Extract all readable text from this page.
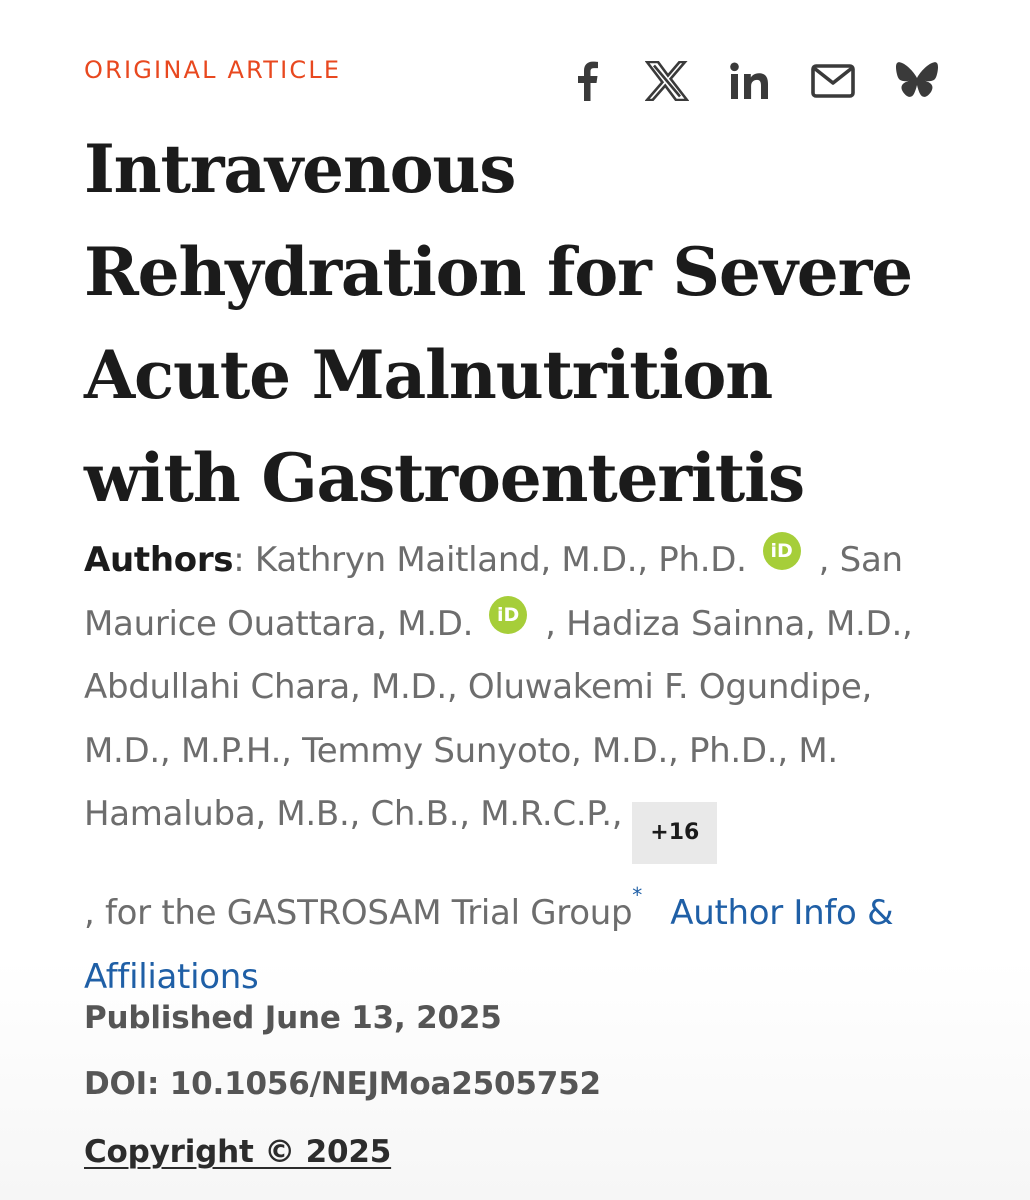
ORIGINAL ARTICLE
Intravenous
Rehydration for Severe
Acute Malnutrition
with Gastroenteritis
Authors: Kathryn Maitland, M.D., Ph.D. iD , San Maurice Ouattara, M.D. iD , Hadiza Sainna, M.D., Abdullahi Chara, M.D., Oluwakemi F. Ogundipe, M.D., M.P.H., Temmy Sunyoto, M.D., Ph.D., M. Hamaluba, M.B., Ch.B., M.R.C.P., +16
, for the GASTROSAM Trial Group* Author Info & Affiliations
Published June 13, 2025
DOI: 10.1056/NEJMoa2505752
Copyright © 2025
